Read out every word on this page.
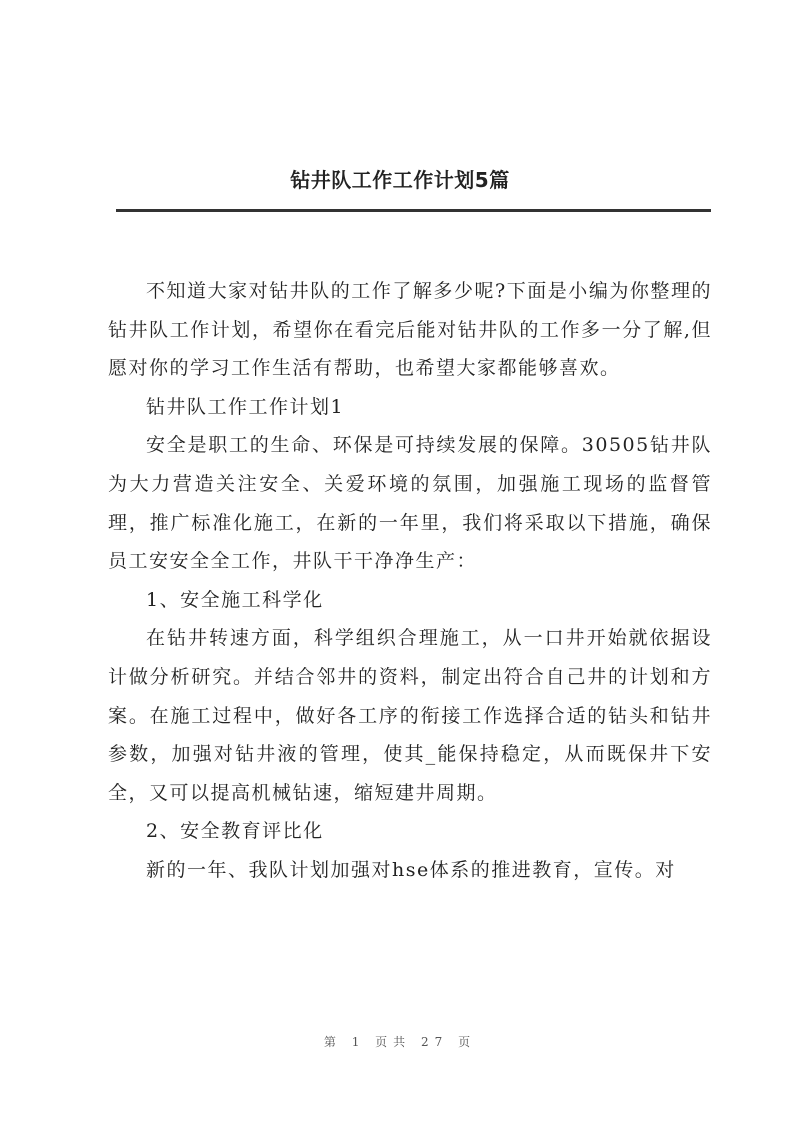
钻井队工作工作计划5篇

不知道大家对钻井队的工作了解多少呢?下面是小编为你整理的钻井队工作计划，希望你在看完后能对钻井队的工作多一分了解,但愿对你的学习工作生活有帮助，也希望大家都能够喜欢。

钻井队工作工作计划1

安全是职工的生命、环保是可持续发展的保障。30505钻井队为大力营造关注安全、关爱环境的氛围，加强施工现场的监督管理，推广标准化施工，在新的一年里，我们将采取以下措施，确保员工安安全全工作，井队干干净净生产：

1、安全施工科学化

在钻井转速方面，科学组织合理施工，从一口井开始就依据设计做分析研究。并结合邻井的资料，制定出符合自己井的计划和方案。在施工过程中，做好各工序的衔接工作选择合适的钻头和钻井参数，加强对钻井液的管理，使其_能保持稳定，从而既保井下安全，又可以提高机械钻速，缩短建井周期。

2、安全教育评比化

新的一年、我队计划加强对hse体系的推进教育，宣传。对

第 1 页共 27 页
